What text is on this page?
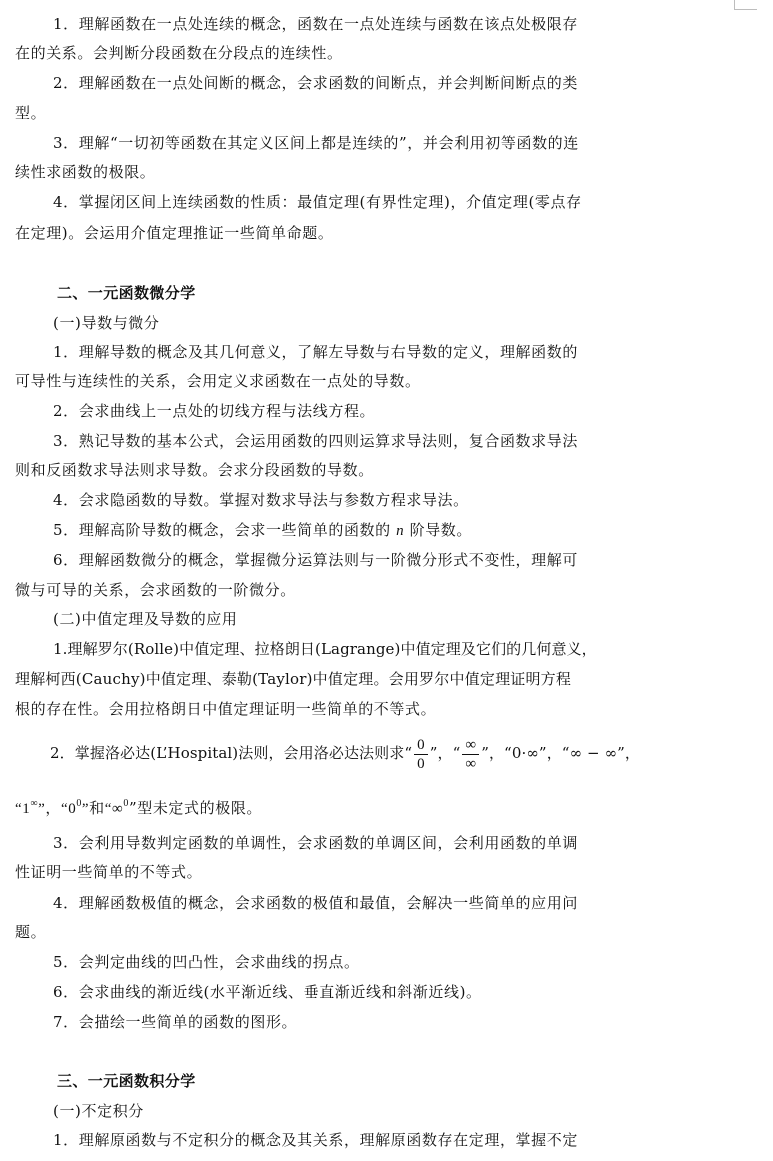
1．理解函数在一点处连续的概念，函数在一点处连续与函数在该点处极限存
在的关系。会判断分段函数在分段点的连续性。
2．理解函数在一点处间断的概念，会求函数的间断点，并会判断间断点的类
型。
3．理解“一切初等函数在其定义区间上都是连续的”，并会利用初等函数的连
续性求函数的极限。
4．掌握闭区间上连续函数的性质：最值定理(有界性定理)，介值定理(零点存
在定理)。会运用介值定理推证一些简单命题。
二、一元函数微分学
(一)导数与微分
1．理解导数的概念及其几何意义，了解左导数与右导数的定义，理解函数的
可导性与连续性的关系，会用定义求函数在一点处的导数。
2．会求曲线上一点处的切线方程与法线方程。
3．熟记导数的基本公式，会运用函数的四则运算求导法则，复合函数求导法
则和反函数求导法则求导数。会求分段函数的导数。
4．会求隐函数的导数。掌握对数求导法与参数方程求导法。
5．理解高阶导数的概念，会求一些简单的函数的 n 阶导数。
6．理解函数微分的概念，掌握微分运算法则与一阶微分形式不变性，理解可
微与可导的关系，会求函数的一阶微分。
(二)中值定理及导数的应用
1.理解罗尔(Rolle)中值定理、拉格朗日(Lagrange)中值定理及它们的几何意义，
理解柯西(Cauchy)中值定理、泰勒(Taylor)中值定理。会用罗尔中值定理证明方程
根的存在性。会用拉格朗日中值定理证明一些简单的不等式。
2．掌握洛必达(L’Hospital)法则，会用洛必达法则求“ $\frac{0}{0}$ ”，“ $\frac{\infty}{\infty}$ ”，“0·∞”，“∞ − ∞”，
“1∞”，“$0^0$”和“∞$^0$”型未定式的极限。
3．会利用导数判定函数的单调性，会求函数的单调区间，会利用函数的单调
性证明一些简单的不等式。
4．理解函数极值的概念，会求函数的极值和最值，会解决一些简单的应用问
题。
5．会判定曲线的凹凸性，会求曲线的拐点。
6．会求曲线的渐近线(水平渐近线、垂直渐近线和斜渐近线)。
7．会描绘一些简单的函数的图形。
三、一元函数积分学
(一)不定积分
1．理解原函数与不定积分的概念及其关系，理解原函数存在定理，掌握不定
